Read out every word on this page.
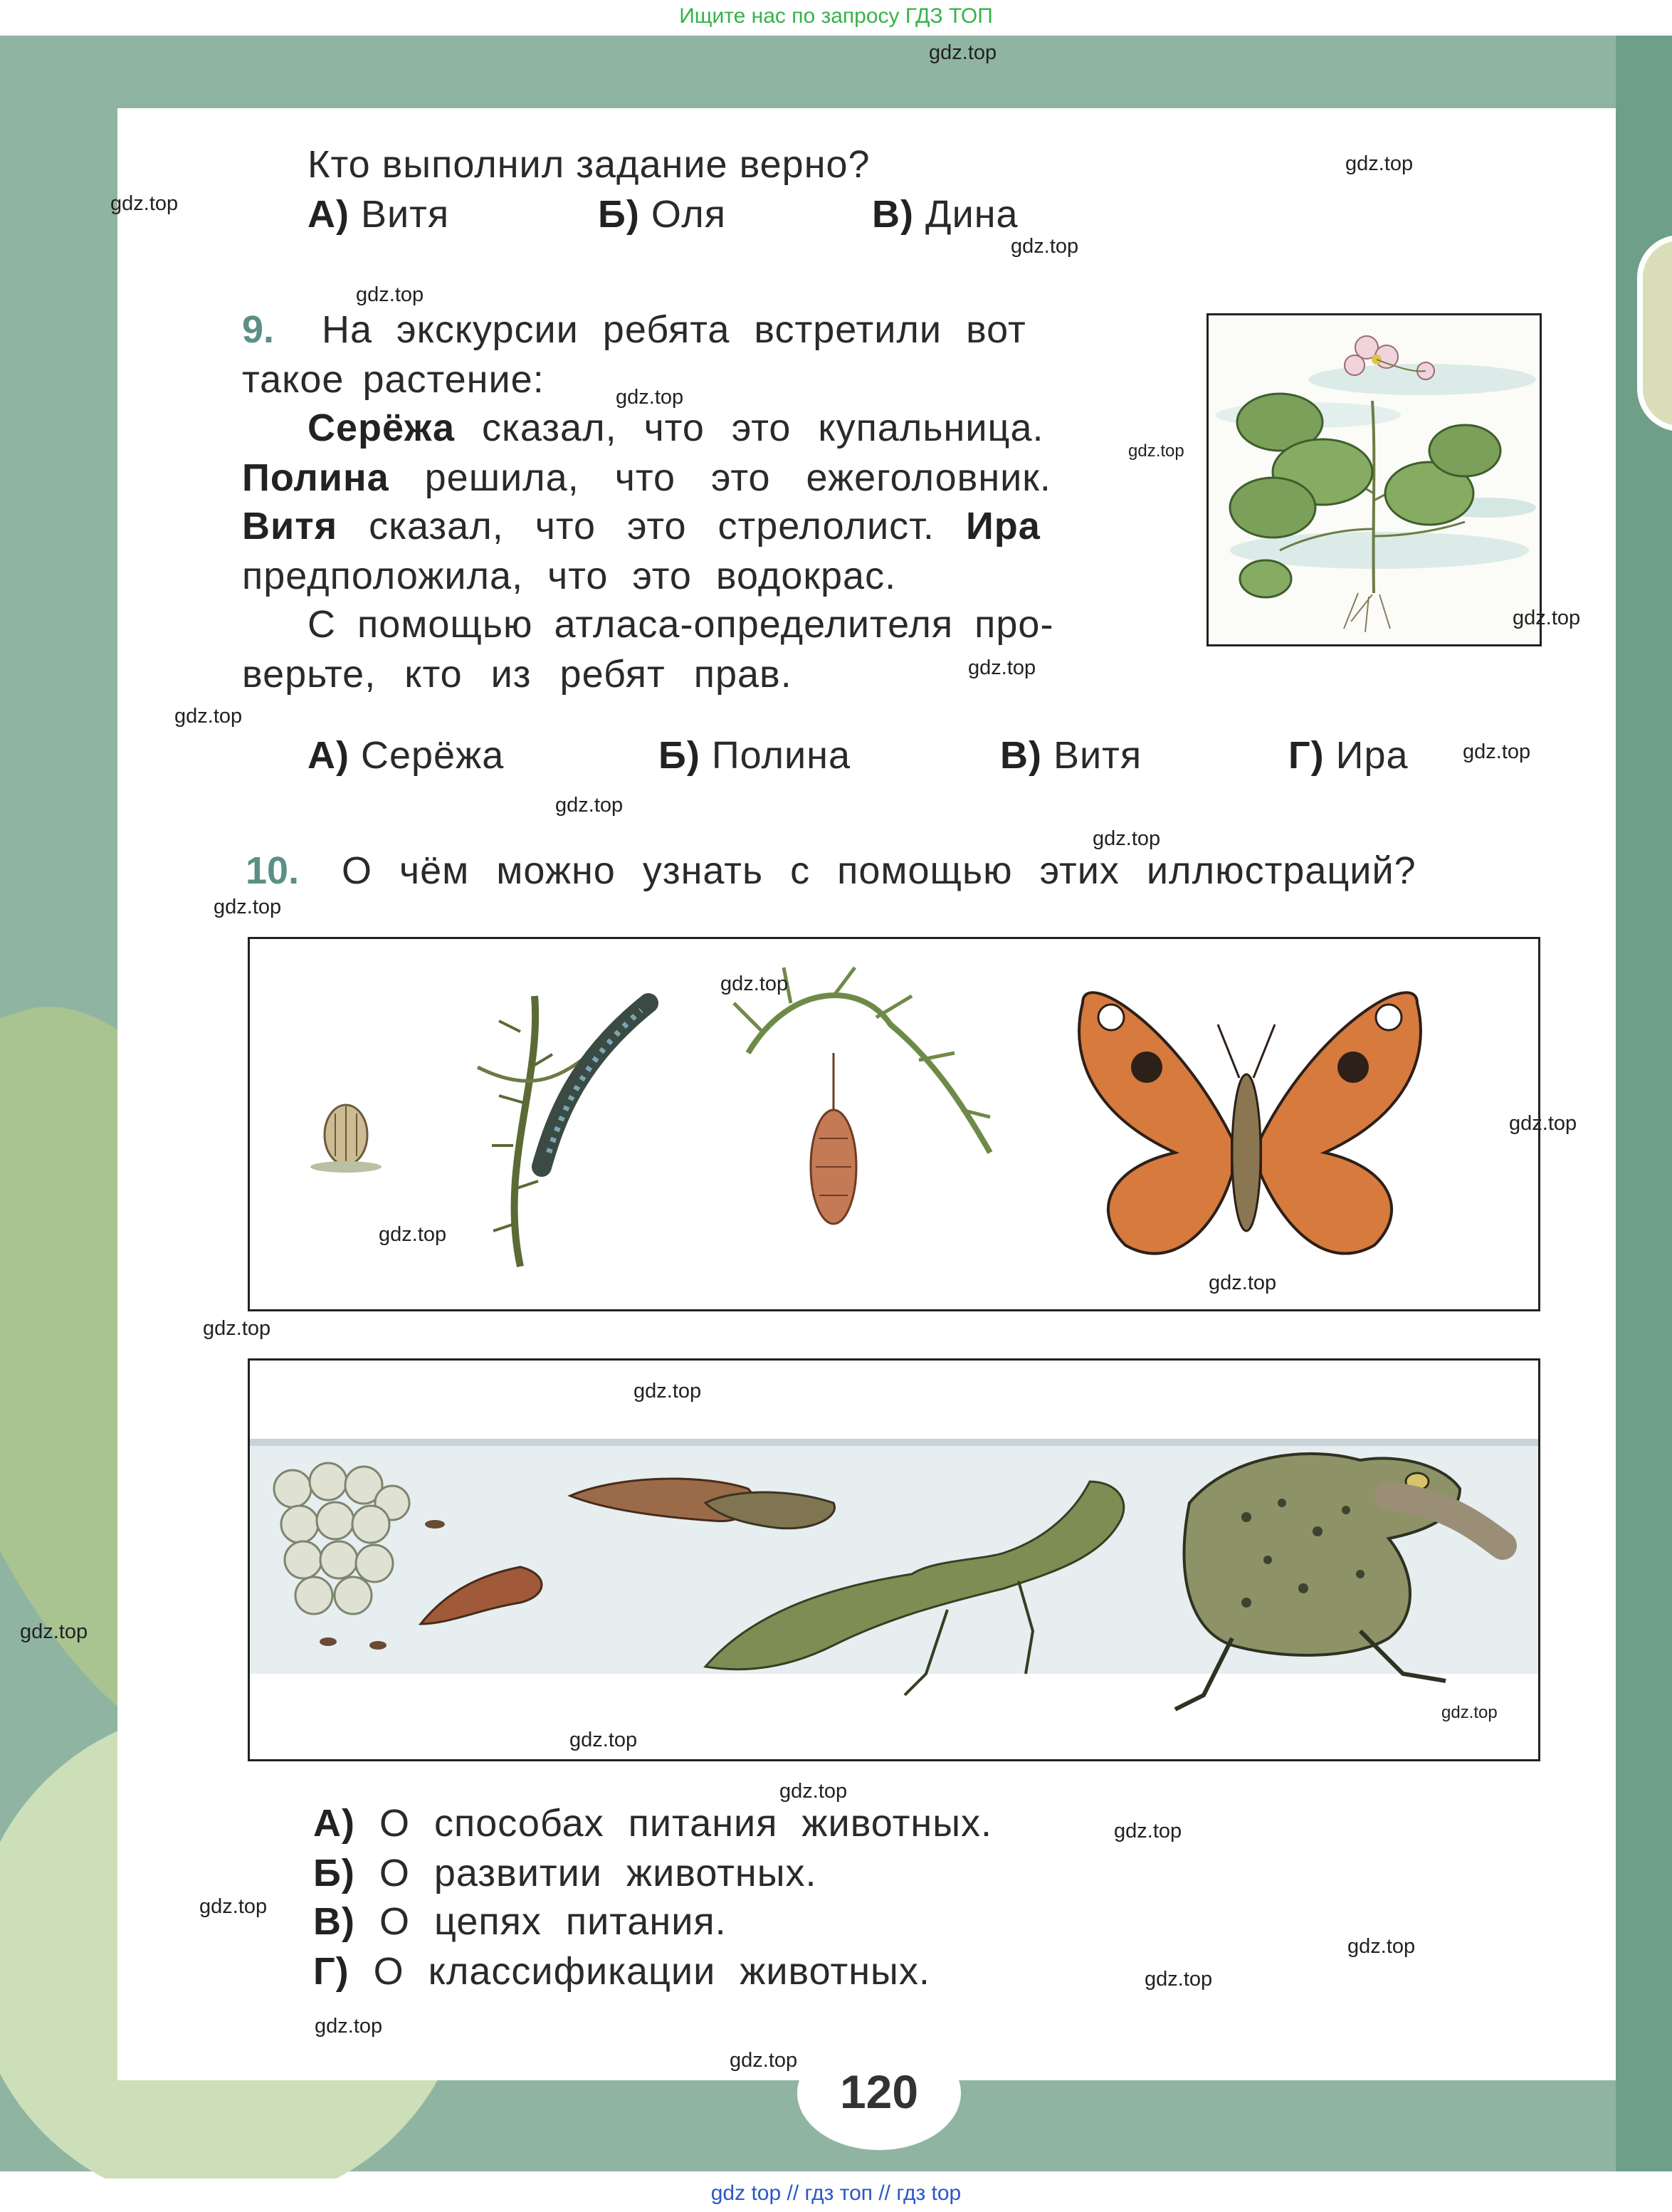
Ищите нас по запросу ГДЗ ТОП
Кто выполнил задание верно?
А) Витя	Б) Оля	В) Дина
9. На экскурсии ребята встретили вот
такое растение:
Серёжа сказал, что это купальница.
Полина решила, что это ежеголовник.
Витя сказал, что это стрелолист. Ира
предположила, что это водокрас.
С помощью атласа-определителя про-
верьте, кто из ребят прав.
А) Серёжа	Б) Полина	В) Витя	Г) Ира
10. О чём можно узнать с помощью этих иллюстраций?
А) О способах питания животных.
Б) О развитии животных.
В) О цепях питания.
Г) О классификации животных.
120
gdz.top
gdz.top
gdz.top
gdz.top
gdz.top
gdz.top
gdz.top
gdz.top
gdz.top
gdz.top
gdz.top
gdz.top
gdz.top
gdz.top
gdz.top
gdz.top
gdz.top
gdz.top
gdz.top
gdz.top
gdz.top
gdz.top
gdz.top
gdz.top
gdz.top
gdz.top
gdz.top
gdz.top
gdz.top
gdz.top
gdz top // гдз топ // гдз top
